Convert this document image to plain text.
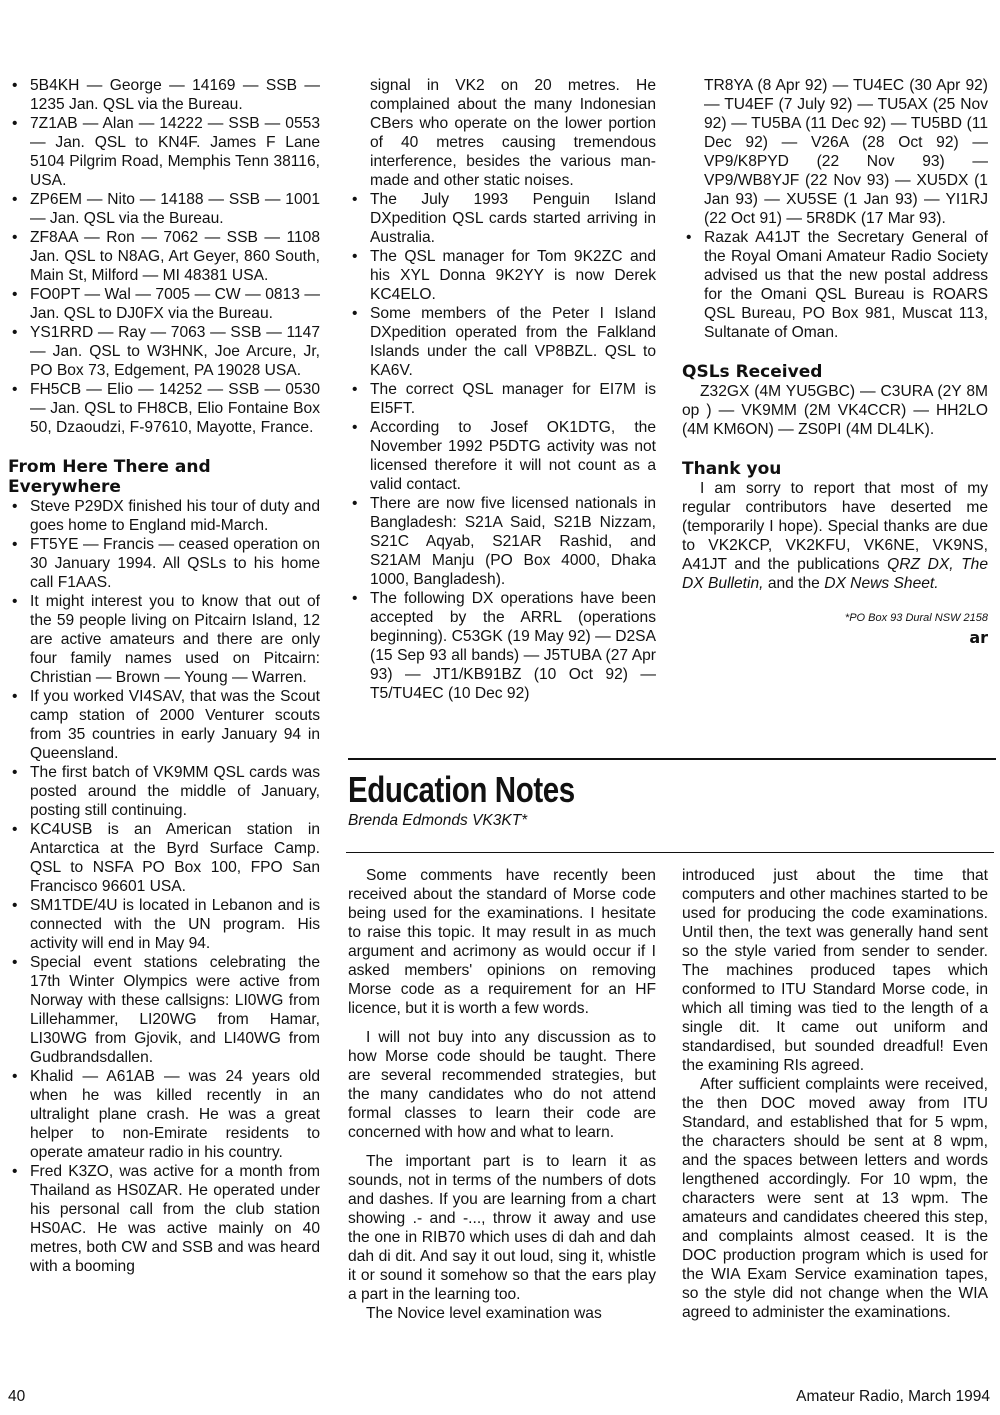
• 5B4KH — George — 14169 — SSB — 1235 Jan. QSL via the Bureau.
• 7Z1AB — Alan — 14222 — SSB — 0553 — Jan. QSL to KN4F. James F Lane 5104 Pilgrim Road, Memphis Tenn 38116, USA.
• ZP6EM — Nito — 14188 — SSB — 1001 — Jan. QSL via the Bureau.
• ZF8AA — Ron — 7062 — SSB — 1108 Jan. QSL to N8AG, Art Geyer, 860 South, Main St, Milford — MI 48381 USA.
• FO0PT — Wal — 7005 — CW — 0813 — Jan. QSL to DJ0FX via the Bureau.
• YS1RRD — Ray — 7063 — SSB — 1147 — Jan. QSL to W3HNK, Joe Arcure, Jr, PO Box 73, Edgement, PA 19028 USA.
• FH5CB — Elio — 14252 — SSB — 0530 — Jan. QSL to FH8CB, Elio Fontaine Box 50, Dzaoudzi, F-97610, Mayotte, France.
From Here There and Everywhere
• Steve P29DX finished his tour of duty and goes home to England mid-March.
• FT5YE — Francis — ceased operation on 30 January 1994. All QSLs to his home call F1AAS.
• It might interest you to know that out of the 59 people living on Pitcairn Island, 12 are active amateurs and there are only four family names used on Pitcairn: Christian — Brown — Young — Warren.
• If you worked VI4SAV, that was the Scout camp station of 2000 Venturer scouts from 35 countries in early January 94 in Queensland.
• The first batch of VK9MM QSL cards was posted around the middle of January, posting still continuing.
• KC4USB is an American station in Antarctica at the Byrd Surface Camp. QSL to NSFA PO Box 100, FPO San Francisco 96601 USA.
• SM1TDE/4U is located in Lebanon and is connected with the UN program. His activity will end in May 94.
• Special event stations celebrating the 17th Winter Olympics were active from Norway with these callsigns: LI0WG from Lillehammer, LI20WG from Hamar, LI30WG from Gjovik, and LI40WG from Gudbrandsdallen.
• Khalid — A61AB — was 24 years old when he was killed recently in an ultralight plane crash. He was a great helper to non-Emirate residents to operate amateur radio in his country.
• Fred K3ZO, was active for a month from Thailand as HS0ZAR. He operated under his personal call from the club station HS0AC. He was active mainly on 40 metres, both CW and SSB and was heard with a booming
signal in VK2 on 20 metres. He complained about the many Indonesian CBers who operate on the lower portion of 40 metres causing tremendous interference, besides the various man-made and other static noises.
• The July 1993 Penguin Island DXpedition QSL cards started arriving in Australia.
• The QSL manager for Tom 9K2ZC and his XYL Donna 9K2YY is now Derek KC4ELO.
• Some members of the Peter I Island DXpedition operated from the Falkland Islands under the call VP8BZL. QSL to KA6V.
• The correct QSL manager for EI7M is EI5FT.
• According to Josef OK1DTG, the November 1992 P5DTG activity was not licensed therefore it will not count as a valid contact.
• There are now five licensed nationals in Bangladesh: S21A Said, S21B Nizzam, S21C Aqyab, S21AR Rashid, and S21AM Manju (PO Box 4000, Dhaka 1000, Bangladesh).
• The following DX operations have been accepted by the ARRL (operations beginning). C53GK (19 May 92) — D2SA (15 Sep 93 all bands) — J5TUBA (27 Apr 93) — JT1/KB91BZ (10 Oct 92) — T5/TU4EC (10 Dec 92)
TR8YA (8 Apr 92) — TU4EC (30 Apr 92) — TU4EF (7 July 92) — TU5AX (25 Nov 92) — TU5BA (11 Dec 92) — TU5BD (11 Dec 92) — V26A (28 Oct 92) — VP9/K8PYD (22 Nov 93) — VP9/WB8YJF (22 Nov 93) — XU5DX (1 Jan 93) — XU5SE (1 Jan 93) — YI1RJ (22 Oct 91) — 5R8DK (17 Mar 93).
• Razak A41JT the Secretary General of the Royal Omani Amateur Radio Society advised us that the new postal address for the Omani QSL Bureau is ROARS QSL Bureau, PO Box 981, Muscat 113, Sultanate of Oman.
QSLs Received

Z32GX (4M YU5GBC) — C3URA (2Y 8M op ) — VK9MM (2M VK4CCR) — HH2LO (4M KM6ON) — ZS0PI (4M DL4LK).

Thank you

I am sorry to report that most of my regular contributors have deserted me (temporarily I hope). Special thanks are due to VK2KCP, VK2KFU, VK6NE, VK9NS, A41JT and the publications QRZ DX, The DX Bulletin, and the DX News Sheet.

*PO Box 93 Dural NSW 2158

ar

Education Notes
Brenda Edmonds VK3KT*

Some comments have recently been received about the standard of Morse code being used for the examinations. I hesitate to raise this topic. It may result in as much argument and acrimony as would occur if I asked members' opinions on removing Morse code as a requirement for an HF licence, but it is worth a few words.

I will not buy into any discussion as to how Morse code should be taught. There are several recommended strategies, but the many candidates who do not attend formal classes to learn their code are concerned with how and what to learn.

The important part is to learn it as sounds, not in terms of the numbers of dots and dashes. If you are learning from a chart showing .- and -..., throw it away and use the one in RIB70 which uses di dah and dah dah di dit. And say it out loud, sing it, whistle it or sound it somehow so that the ears play a part in the learning too.

The Novice level examination was

introduced just about the time that computers and other machines started to be used for producing the code examinations. Until then, the text was generally hand sent so the style varied from sender to sender. The machines produced tapes which conformed to ITU Standard Morse code, in which all timing was tied to the length of a single dit. It came out uniform and standardised, but sounded dreadful! Even the examining RIs agreed.

After sufficient complaints were received, the then DOC moved away from ITU Standard, and established that for 5 wpm, the characters should be sent at 8 wpm, and the spaces between letters and words lengthened accordingly. For 10 wpm, the characters were sent at 13 wpm. The amateurs and candidates cheered this step, and complaints almost ceased. It is the DOC production program which is used for the WIA Exam Service examination tapes, so the style did not change when the WIA agreed to administer the examinations.

40	Amateur Radio, March 1994
